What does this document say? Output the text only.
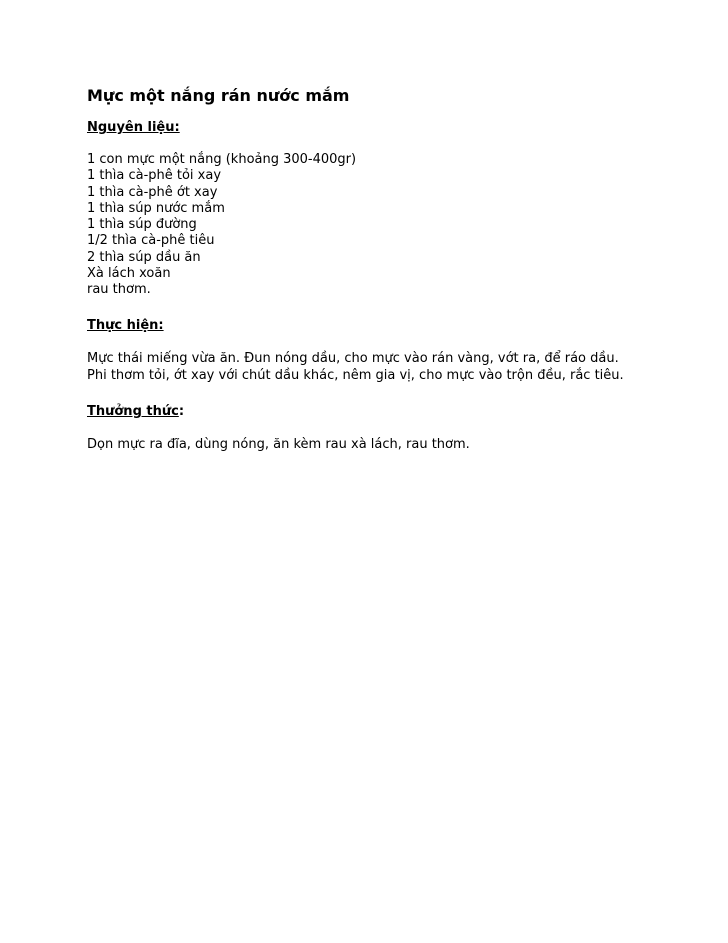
Mực một nắng rán nước mắm
Nguyên liệu:
1 con mực một nắng (khoảng 300-400gr)
1 thìa cà-phê tỏi xay
1 thìa cà-phê ớt xay
1 thìa súp nước mắm
1 thìa súp đường
1/2 thìa cà-phê tiêu
2 thìa súp dầu ăn
Xà lách xoăn
rau thơm.
Thực hiện:
Mực thái miếng vừa ăn. Đun nóng dầu, cho mực vào rán vàng, vớt ra, để ráo dầu.
Phi thơm tỏi, ớt xay với chút dầu khác, nêm gia vị, cho mực vào trộn đều, rắc tiêu.
Thưởng thức:
Dọn mực ra đĩa, dùng nóng, ăn kèm rau xà lách, rau thơm.
